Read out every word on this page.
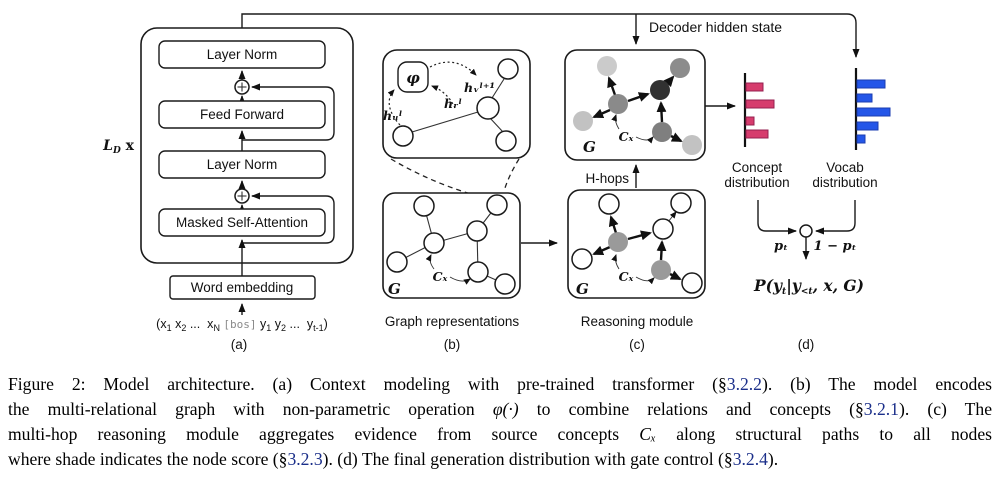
Decoder hidden state
Layer Norm
Feed Forward
Layer Norm
Masked Self-Attention
$L_D$ x
Word embedding
($x_1$ $x_2$ ...  $x_N$ [bos] $y_1$ $y_2$ ...  $y_{t-1}$)
(a)
φ
hᵤˡ
hᵣˡ
hᵥˡ⁺¹
G
Cₓ
Graph representations
(b)
G
Cₓ
H-hops
G
Cₓ
Reasoning module
(c)
Concept
distribution
Vocab
distribution
pₜ 1 − pₜ
P(yt|y<t, x, G)
(d)
Figure 2: Model architecture. (a) Context modeling with pre-trained transformer (§3.2.2). (b) The model encodes
the multi-relational graph with non-parametric operation φ(·) to combine relations and concepts (§3.2.1). (c) The
multi-hop reasoning module aggregates evidence from source concepts Cₓ along structural paths to all nodes
where shade indicates the node score (§3.2.3). (d) The final generation distribution with gate control (§3.2.4).
